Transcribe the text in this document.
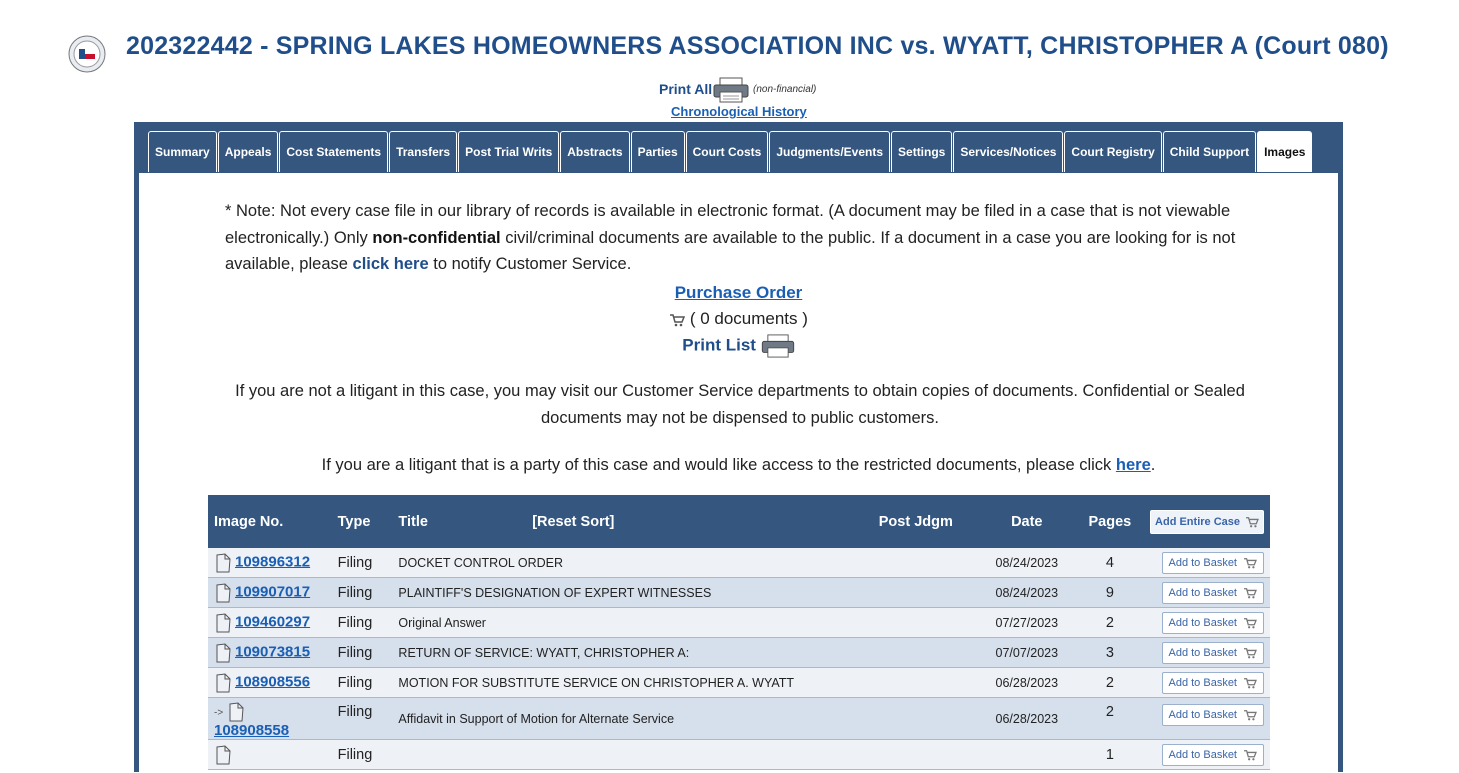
202322442 - SPRING LAKES HOMEOWNERS ASSOCIATION INC vs. WYATT, CHRISTOPHER A (Court 080)
Print All	(non-financial)
Chronological History
Summary	Appeals	Cost Statements	Transfers	Post Trial Writs	Abstracts	Parties	Court Costs	Judgments/Events	Settings	Services/Notices	Court Registry	Child Support	Images
* Note: Not every case file in our library of records is available in electronic format. (A document may be filed in a case that is not viewable electronically.) Only non-confidential civil/criminal documents are available to the public. If a document in a case you are looking for is not available, please click here to notify Customer Service.
Purchase Order
( 0 documents )
Print List
If you are not a litigant in this case, you may visit our Customer Service departments to obtain copies of documents. Confidential or Sealed documents may not be dispensed to public customers.
If you are a litigant that is a party of this case and would like access to the restricted documents, please click here.
Image No.	Type	Title	[Reset Sort]	Post Jdgm	Date	Pages	Add Entire Case

109896312	Filing	DOCKET CONTROL ORDER			08/24/2023	4	Add to Basket

109907017	Filing	PLAINTIFF'S DESIGNATION OF EXPERT WITNESSES			08/24/2023	9	Add to Basket

109460297	Filing	Original Answer			07/27/2023	2	Add to Basket

109073815	Filing	RETURN OF SERVICE: WYATT, CHRISTOPHER A:			07/07/2023	3	Add to Basket

108908556	Filing	MOTION FOR SUBSTITUTE SERVICE ON CHRISTOPHER A. WYATT			06/28/2023	2	Add to Basket

->
108908558	Filing	Affidavit in Support of Motion for Alternate Service			06/28/2023	2	Add to Basket

	Filing					1	Add to Basket
